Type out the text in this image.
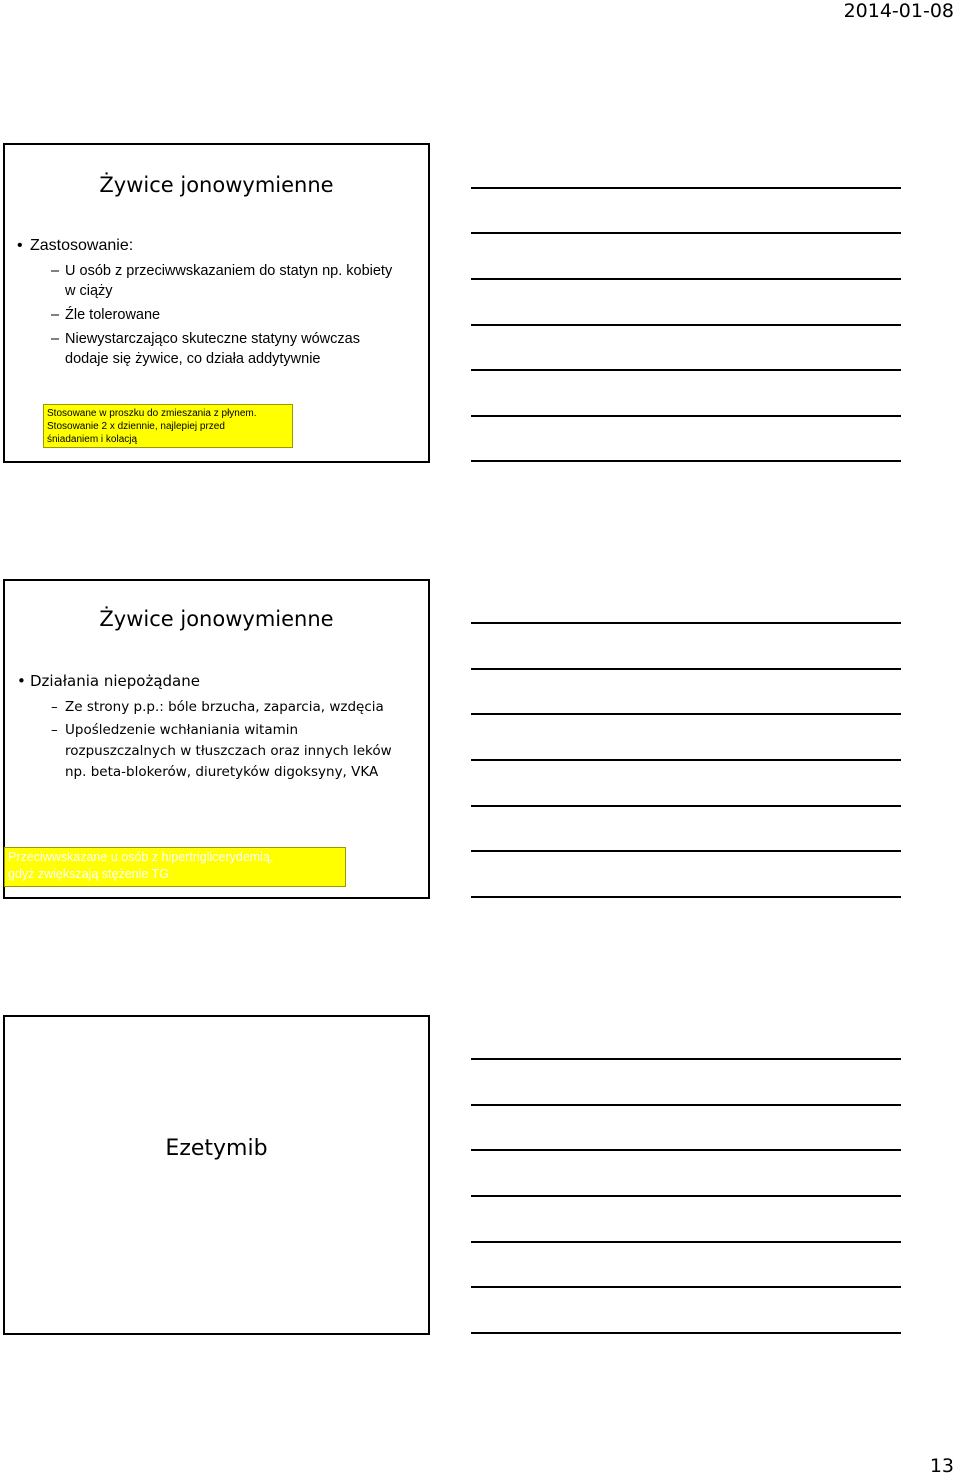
2014-01-08
Żywice jonowymienne
• Zastosowanie:
– U osób z przeciwwskazaniem do statyn np. kobiety
w ciąży
– Źle tolerowane
– Niewystarczająco skuteczne statyny wówczas
dodaje się żywice, co działa addytywnie
Stosowane w proszku do zmieszania z płynem.
Stosowanie 2 x dziennie, najlepiej przed
śniadaniem i kolacją
Żywice jonowymienne
• Działania niepożądane
– Ze strony p.p.: bóle brzucha, zaparcia, wzdęcia
– Upośledzenie wchłaniania witamin
rozpuszczalnych w tłuszczach oraz innych leków
np. beta-blokerów, diuretyków digoksyny, VKA
Przeciwwskazane u osób z hipertriglicerydemią,
gdyż zwiększają stężenie TG
Ezetymib
13
